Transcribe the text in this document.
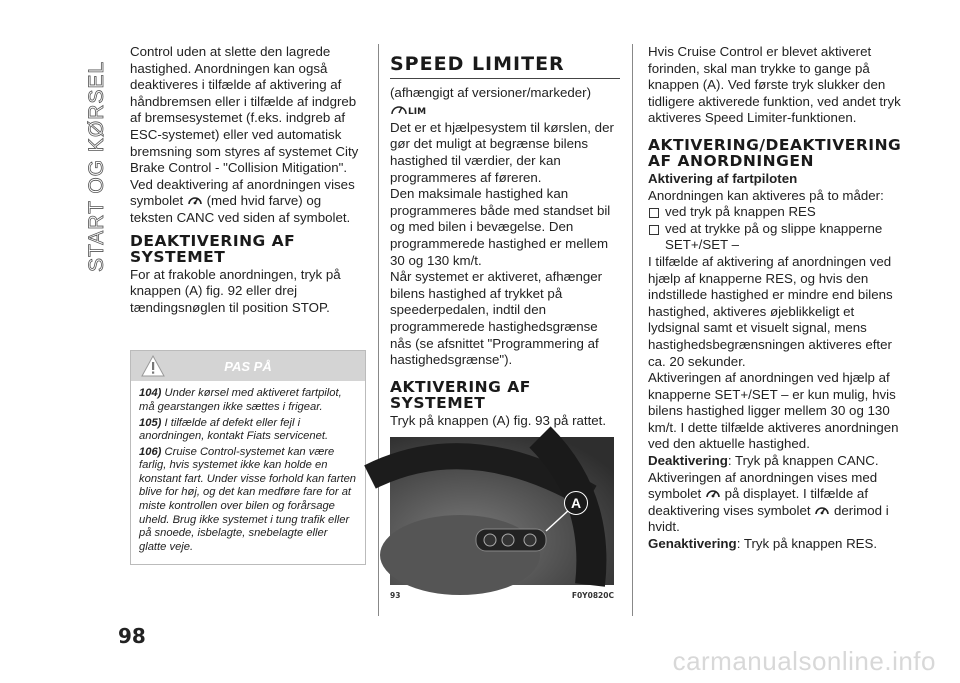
START OG KØRSEL
98

Control uden at slette den lagrede hastighed. Anordningen kan også deaktiveres i tilfælde af aktivering af håndbremsen eller i tilfælde af indgreb af bremsesystemet (f.eks. indgreb af ESC-systemet) eller ved automatisk bremsning som styres af systemet City Brake Control - "Collision Mitigation". Ved deaktivering af anordningen vises

symbolet (med hvid farve) og teksten CANC ved siden af symbolet.

DEAKTIVERING AF SYSTEMET

For at frakoble anordningen, tryk på knappen (A) fig. 92 eller drej tændingsnøglen til position STOP.

PAS PÅ

104) Under kørsel med aktiveret fartpilot, må gearstangen ikke sættes i frigear.

105) I tilfælde af defekt eller fejl i anordningen, kontakt Fiats servicenet.

106) Cruise Control-systemet kan være farlig, hvis systemet ikke kan holde en konstant fart. Under visse forhold kan farten blive for høj, og det kan medføre fare for at miste kontrollen over bilen og forårsage uheld. Brug ikke systemet i tung trafik eller på snoede, isbelagte, snebelagte eller glatte veje.

SPEED LIMITER

(afhængigt af versioner/markeder)

LIM

Det er et hjælpesystem til kørslen, der gør det muligt at begrænse bilens hastighed til værdier, der kan programmeres af føreren.

Den maksimale hastighed kan programmeres både med standset bil og med bilen i bevægelse. Den programmerede hastighed er mellem 30 og 130 km/t.

Når systemet er aktiveret, afhænger bilens hastighed af trykket på speederpedalen, indtil den programmerede hastighedsgrænse nås (se afsnittet "Programmering af hastighedsgrænse").

AKTIVERING AF SYSTEMET

Tryk på knappen (A) fig. 93 på rattet.

A
93	F0Y0820C

Hvis Cruise Control er blevet aktiveret forinden, skal man trykke to gange på knappen (A). Ved første tryk slukker den tidligere aktiverede funktion, ved andet tryk aktiveres Speed Limiter-funktionen.

AKTIVERING/DEAKTIVERING AF ANORDNINGEN

Aktivering af fartpiloten

Anordningen kan aktiveres på to måder:

ved tryk på knappen RES
ved at trykke på og slippe knapperne SET+/SET –

I tilfælde af aktivering af anordningen ved hjælp af knapperne RES, og hvis den indstillede hastighed er mindre end bilens hastighed, aktiveres øjeblikkeligt et lydsignal samt et visuelt signal, mens hastighedsbegrænsningen aktiveres efter ca. 20 sekunder.

Aktiveringen af anordningen ved hjælp af knapperne SET+/SET – er kun mulig, hvis bilens hastighed ligger mellem 30 og 130 km/t. I dette tilfælde aktiveres anordningen ved den aktuelle hastighed.

Deaktivering: Tryk på knappen CANC. Aktiveringen af anordningen vises med symbolet på displayet. I tilfælde af deaktivering vises symbolet derimod i hvidt.

Genaktivering: Tryk på knappen RES.

carmanualsonline.info
